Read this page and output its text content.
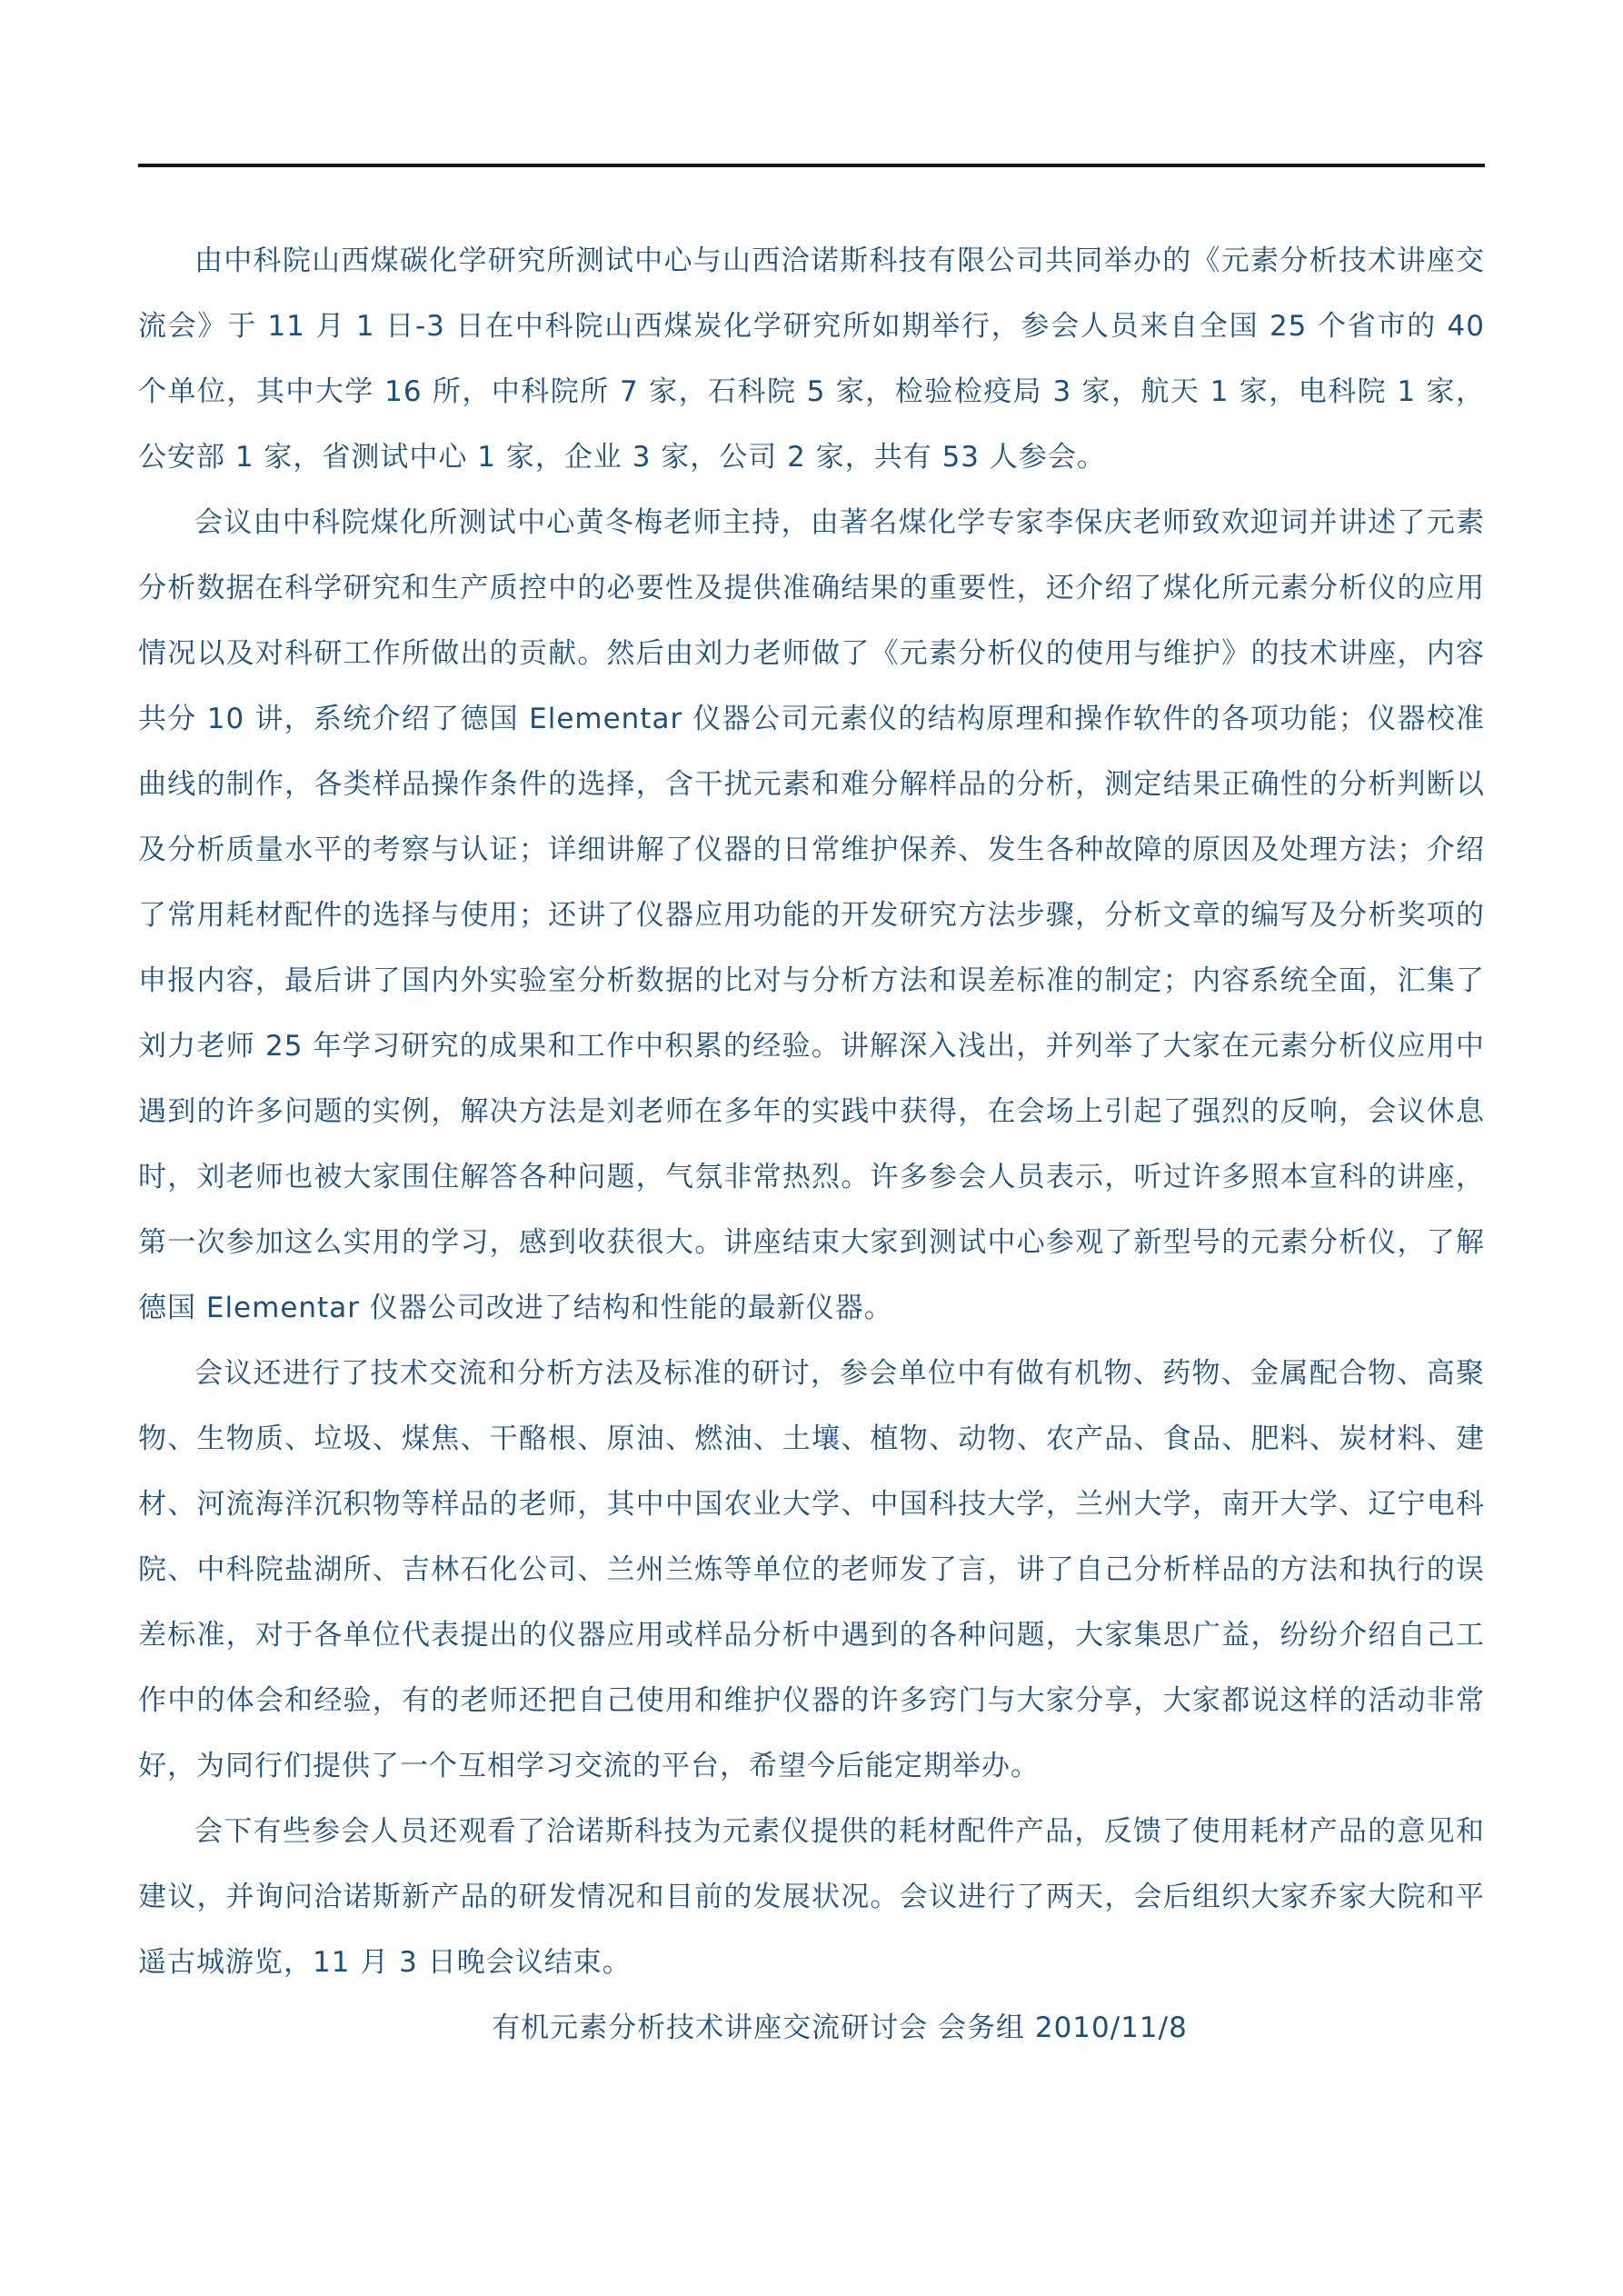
由中科院山西煤碳化学研究所测试中心与山西洽诺斯科技有限公司共同举办的《元素分析技术讲座交流会》于 11 月 1 日-3 日在中科院山西煤炭化学研究所如期举行，参会人员来自全国 25 个省市的 40 个单位，其中大学 16 所，中科院所 7 家，石科院 5 家，检验检疫局 3 家，航天 1 家，电科院 1 家，公安部 1 家，省测试中心 1 家，企业 3 家，公司 2 家，共有 53 人参会。

会议由中科院煤化所测试中心黄冬梅老师主持，由著名煤化学专家李保庆老师致欢迎词并讲述了元素分析数据在科学研究和生产质控中的必要性及提供准确结果的重要性，还介绍了煤化所元素分析仪的应用情况以及对科研工作所做出的贡献。然后由刘力老师做了《元素分析仪的使用与维护》的技术讲座，内容共分 10 讲，系统介绍了德国 Elementar 仪器公司元素仪的结构原理和操作软件的各项功能；仪器校准曲线的制作，各类样品操作条件的选择，含干扰元素和难分解样品的分析，测定结果正确性的分析判断以及分析质量水平的考察与认证；详细讲解了仪器的日常维护保养、发生各种故障的原因及处理方法；介绍了常用耗材配件的选择与使用；还讲了仪器应用功能的开发研究方法步骤，分析文章的编写及分析奖项的申报内容，最后讲了国内外实验室分析数据的比对与分析方法和误差标准的制定；内容系统全面，汇集了刘力老师 25 年学习研究的成果和工作中积累的经验。讲解深入浅出，并列举了大家在元素分析仪应用中遇到的许多问题的实例，解决方法是刘老师在多年的实践中获得，在会场上引起了强烈的反响，会议休息时，刘老师也被大家围住解答各种问题，气氛非常热烈。许多参会人员表示，听过许多照本宣科的讲座，第一次参加这么实用的学习，感到收获很大。讲座结束大家到测试中心参观了新型号的元素分析仪，了解德国 Elementar 仪器公司改进了结构和性能的最新仪器。

会议还进行了技术交流和分析方法及标准的研讨，参会单位中有做有机物、药物、金属配合物、高聚物、生物质、垃圾、煤焦、干酪根、原油、燃油、土壤、植物、动物、农产品、食品、肥料、炭材料、建材、河流海洋沉积物等样品的老师，其中中国农业大学、中国科技大学，兰州大学，南开大学、辽宁电科院、中科院盐湖所、吉林石化公司、兰州兰炼等单位的老师发了言，讲了自己分析样品的方法和执行的误差标准，对于各单位代表提出的仪器应用或样品分析中遇到的各种问题，大家集思广益，纷纷介绍自己工作中的体会和经验，有的老师还把自己使用和维护仪器的许多窍门与大家分享，大家都说这样的活动非常好，为同行们提供了一个互相学习交流的平台，希望今后能定期举办。

会下有些参会人员还观看了洽诺斯科技为元素仪提供的耗材配件产品，反馈了使用耗材产品的意见和建议，并询问洽诺斯新产品的研发情况和目前的发展状况。会议进行了两天，会后组织大家乔家大院和平遥古城游览，11 月 3 日晚会议结束。

有机元素分析技术讲座交流研讨会 会务组 2010/11/8
